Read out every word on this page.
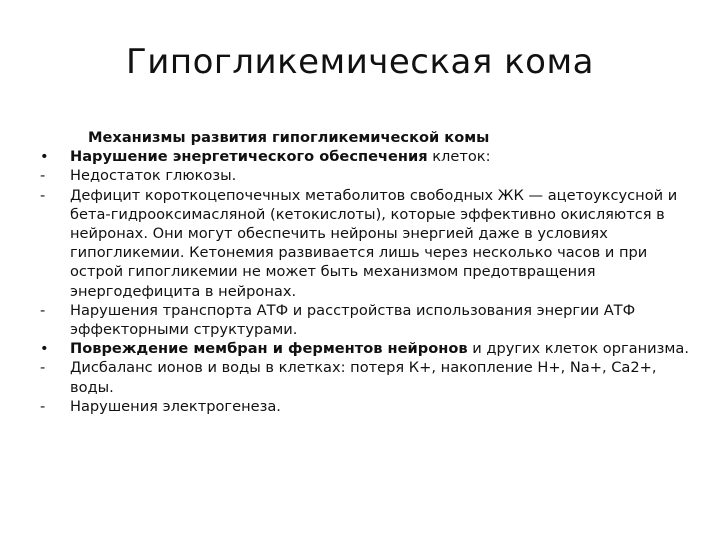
Гипогликемическая кома
Механизмы развития гипогликемической комы
•	Нарушение энергетического обеспечения клеток:
-	Недостаток глюкозы.
-	Дефицит короткоцепочечных метаболитов свободных ЖК — ацетоуксусной и бета-гидрооксимасляной (кетокислоты), которые эффективно окисляются в нейронах. Они могут обеспечить нейроны энергией даже в условиях гипогликемии. Кетонемия развивается лишь через несколько часов и при острой гипогликемии не может быть механизмом предотвращения энергодефицита в нейронах.
-	Нарушения транспорта АТФ и расстройства использования энергии АТФ эффекторными структурами.
•	Повреждение мембран и ферментов нейронов и других клеток организма.
-	Дисбаланс ионов и воды в клетках: потеря К+, накопление Н+, Na+, Ca2+, воды.
-	Нарушения электрогенеза.
